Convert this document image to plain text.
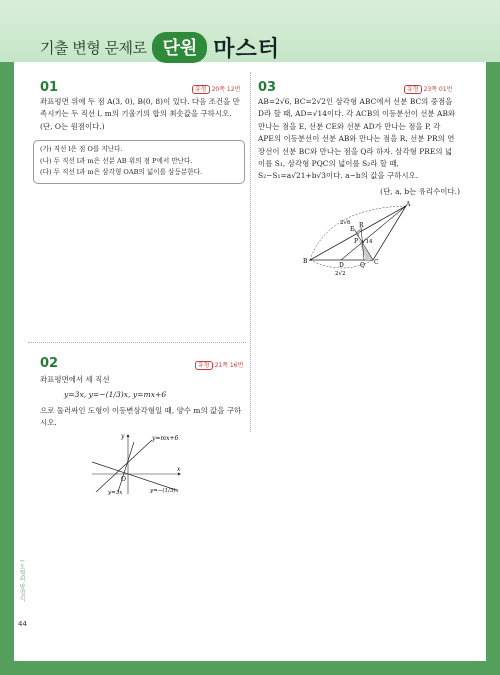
기출 변형 문제로 단원 마스터
01	유형 20쪽 12번
좌표평면 위에 두 점 A(3, 0), B(0, 8)이 있다. 다음 조건을 만족시키는 두 직선 l, m의 기울기의 합의 최솟값을 구하시오. (단, O는 원점이다.)
(가) 직선 l은 점 O를 지난다.
(나) 두 직선 l과 m은 선분 AB 위의 점 P에서 만난다.
(다) 두 직선 l과 m은 삼각형 OAB의 넓이를 삼등분한다.
02	유형 21쪽 16번
좌표평면에서 세 직선
y=3x, y=−(1/3)x, y=mx+6
으로 둘러싸인 도형이 이등변삼각형일 때, 양수 m의 값을 구하시오.
y
x
O
y=mx+6
y=3x	y=−(1/3)x
03	유형 23쪽 01번
AB=2√6, BC=2√2인 삼각형 ABC에서 선분 BC의 중점을 D라 할 때, AD=√14이다. 각 ACB의 이등분선이 선분 AB와 만나는 점을 E, 선분 CE와 선분 AD가 만나는 점을 P, 각 APE의 이등분선이 선분 AB와 만나는 점을 R, 선분 PR의 연장선이 선분 BC와 만나는 점을 Q라 하자. 삼각형 PRE의 넓이를 S₁, 삼각형 PQC의 넓이를 S₂라 할 때, S₂−S₁=a√21+b√3이다. a−b의 값을 구하시오.
(단, a, b는 유리수이다.)
A
B	C
D
E
P
Q
R
2√6
√14
2√2
I 도형의 방정식
44
